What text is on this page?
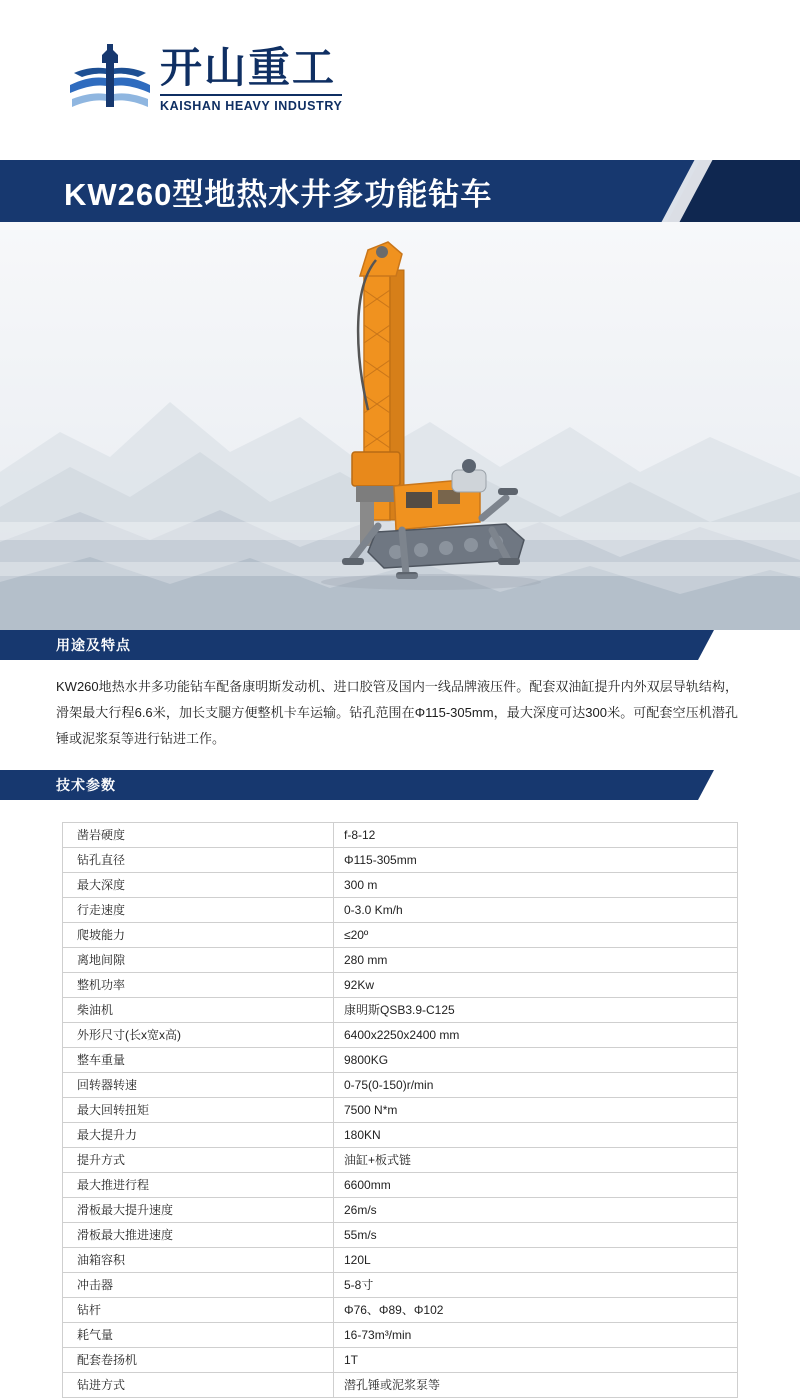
开山重工
KAISHAN HEAVY INDUSTRY
KW260型地热水井多功能钻车
用途及特点
KW260地热水井多功能钻车配备康明斯发动机、进口胶管及国内一线品牌液压件。配套双油缸提升内外双层导轨结构，滑架最大行程6.6米，加长支腿方便整机卡车运输。钻孔范围在Φ115-305mm，最大深度可达300米。可配套空压机潜孔锤或泥浆泵等进行钻进工作。
技术参数
凿岩硬度	f-8-12
钻孔直径	Φ115-305mm
最大深度	300 m
行走速度	0-3.0 Km/h
爬坡能力	≤20º
离地间隙	280 mm
整机功率	92Kw
柴油机	康明斯QSB3.9-C125
外形尺寸(长x宽x高)	6400x2250x2400 mm
整车重量	9800KG
回转器转速	0-75(0-150)r/min
最大回转扭矩	7500 N*m
最大提升力	180KN
提升方式	油缸+板式链
最大推进行程	6600mm
滑板最大提升速度	26m/s
滑板最大推进速度	55m/s
油箱容积	120L
冲击器	5-8寸
钻杆	Φ76、Φ89、Φ102
耗气量	16-73m³/min
配套卷扬机	1T
钻进方式	潜孔锤或泥浆泵等
